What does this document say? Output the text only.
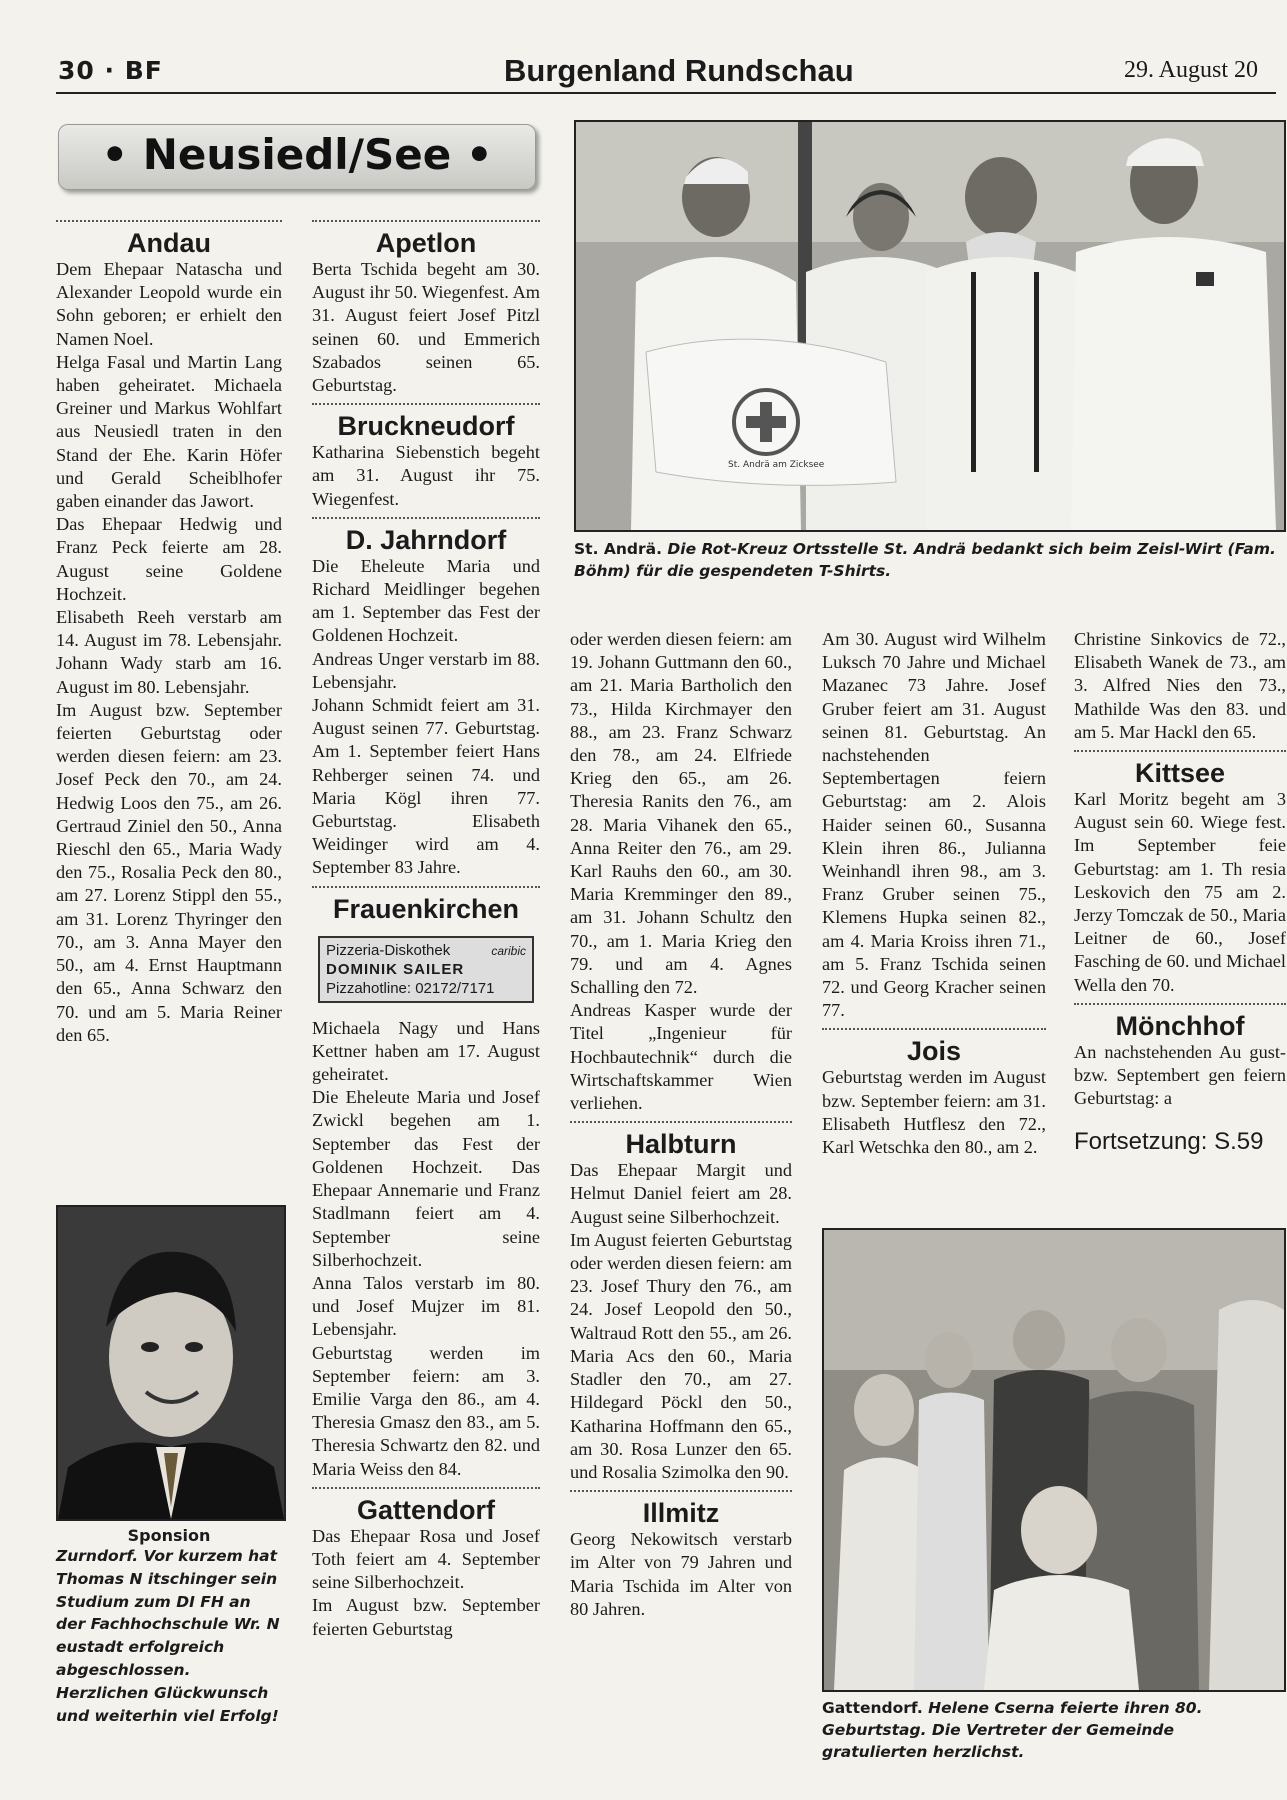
30 · BF	Burgenland Rundschau	29. August 20
• Neusiedl/See •
Andau

Dem Ehepaar Natascha und Alexander Leopold wurde ein Sohn geboren; er erhielt den Namen Noel.
Helga Fasal und Martin Lang haben geheiratet. Michaela Greiner und Markus Wohlfart aus Neusiedl traten in den Stand der Ehe. Karin Höfer und Gerald Scheiblhofer gaben einander das Jawort.
Das Ehepaar Hedwig und Franz Peck feierte am 28. August seine Goldene Hochzeit.
Elisabeth Reeh verstarb am 14. August im 78. Lebensjahr. Johann Wady starb am 16. August im 80. Lebensjahr.
Im August bzw. September feierten Geburtstag oder werden diesen feiern: am 23. Josef Peck den 70., am 24. Hedwig Loos den 75., am 26. Gertraud Ziniel den 50., Anna Rieschl den 65., Maria Wady den 75., Rosalia Peck den 80., am 27. Lorenz Stippl den 55., am 31. Lorenz Thyringer den 70., am 3. Anna Mayer den 50., am 4. Ernst Hauptmann den 65., Anna Schwarz den 70. und am 5. Maria Reiner den 65.

Sponsion
Zurndorf. Vor kurzem hat Thomas N itschinger sein Studium zum DI FH an der Fachhochschule Wr. N eustadt erfolgreich abgeschlossen. Herzlichen Glückwunsch und weiterhin viel Erfolg!
Apetlon

Berta Tschida begeht am 30. August ihr 50. Wiegenfest. Am 31. August feiert Josef Pitzl seinen 60. und Emmerich Szabados seinen 65. Geburtstag.

Bruckneudorf

Katharina Siebenstich begeht am 31. August ihr 75. Wiegenfest.

D. Jahrndorf

Die Eheleute Maria und Richard Meidlinger begehen am 1. September das Fest der Goldenen Hochzeit.
Andreas Unger verstarb im 88. Lebensjahr.
Johann Schmidt feiert am 31. August seinen 77. Geburtstag. Am 1. September feiert Hans Rehberger seinen 74. und Maria Kögl ihren 77. Geburtstag. Elisabeth Weidinger wird am 4. September 83 Jahre.

Frauenkirchen
Pizzeria-Diskothek
DOMINIK SAILER
Pizzahotline: 02172/7171
caribic

Michaela Nagy und Hans Kettner haben am 17. August geheiratet.
Die Eheleute Maria und Josef Zwickl begehen am 1. September das Fest der Goldenen Hochzeit. Das Ehepaar Annemarie und Franz Stadlmann feiert am 4. September seine Silberhochzeit.
Anna Talos verstarb im 80. und Josef Mujzer im 81. Lebensjahr.
Geburtstag werden im September feiern: am 3. Emilie Varga den 86., am 4. Theresia Gmasz den 83., am 5. Theresia Schwartz den 82. und Maria Weiss den 84.

Gattendorf

Das Ehepaar Rosa und Josef Toth feiert am 4. September seine Silberhochzeit.
Im August bzw. September feierten Geburtstag

St. Andrä am Zicksee
St. Andrä. Die Rot-Kreuz Ortsstelle St. Andrä bedankt sich beim Zeisl-Wirt (Fam. Böhm) für die gespendeten T-Shirts.

oder werden diesen feiern: am 19. Johann Guttmann den 60., am 21. Maria Bartholich den 73., Hilda Kirchmayer den 88., am 23. Franz Schwarz den 78., am 24. Elfriede Krieg den 65., am 26. Theresia Ranits den 76., am 28. Maria Vihanek den 65., Anna Reiter den 76., am 29. Karl Rauhs den 60., am 30. Maria Kremminger den 89., am 31. Johann Schultz den 70., am 1. Maria Krieg den 79. und am 4. Agnes Schalling den 72.
Andreas Kasper wurde der Titel „Ingenieur für Hochbautechnik“ durch die Wirtschaftskammer Wien verliehen.

Halbturn

Das Ehepaar Margit und Helmut Daniel feiert am 28. August seine Silberhochzeit.
Im August feierten Geburtstag oder werden diesen feiern: am 23. Josef Thury den 76., am 24. Josef Leopold den 50., Waltraud Rott den 55., am 26. Maria Acs den 60., Maria Stadler den 70., am 27. Hildegard Pöckl den 50., Katharina Hoffmann den 65., am 30. Rosa Lunzer den 65. und Rosalia Szimolka den 90.

Illmitz

Georg Nekowitsch verstarb im Alter von 79 Jahren und Maria Tschida im Alter von 80 Jahren.

Am 30. August wird Wilhelm Luksch 70 Jahre und Michael Mazanec 73 Jahre. Josef Gruber feiert am 31. August seinen 81. Geburtstag. An nachstehenden Septembertagen feiern Geburtstag: am 2. Alois Haider seinen 60., Susanna Klein ihren 86., Julianna Weinhandl ihren 98., am 3. Franz Gruber seinen 75., Klemens Hupka seinen 82., am 4. Maria Kroiss ihren 71., am 5. Franz Tschida seinen 72. und Georg Kracher seinen 77.

Jois

Geburtstag werden im August bzw. September feiern: am 31. Elisabeth Hutflesz den 72., Karl Wetschka den 80., am 2.

Christine Sinkovics de 72., Elisabeth Wanek de 73., am 3. Alfred Nies den 73., Mathilde Was den 83. und am 5. Mar Hackl den 65.

Kittsee

Karl Moritz begeht am 3 August sein 60. Wiege fest. Im September feie Geburtstag: am 1. Th resia Leskovich den 75 am 2. Jerzy Tomczak de 50., Maria Leitner de 60., Josef Fasching de 60. und Michael Wella den 70.

Mönchhof

An nachstehenden Au gust- bzw. Septembert gen feiern Geburtstag: a

Fortsetzung: S.59
Gattendorf. Helene Cserna feierte ihren 80. Geburtstag. Die Vertreter der Gemeinde gratulierten herzlichst.
